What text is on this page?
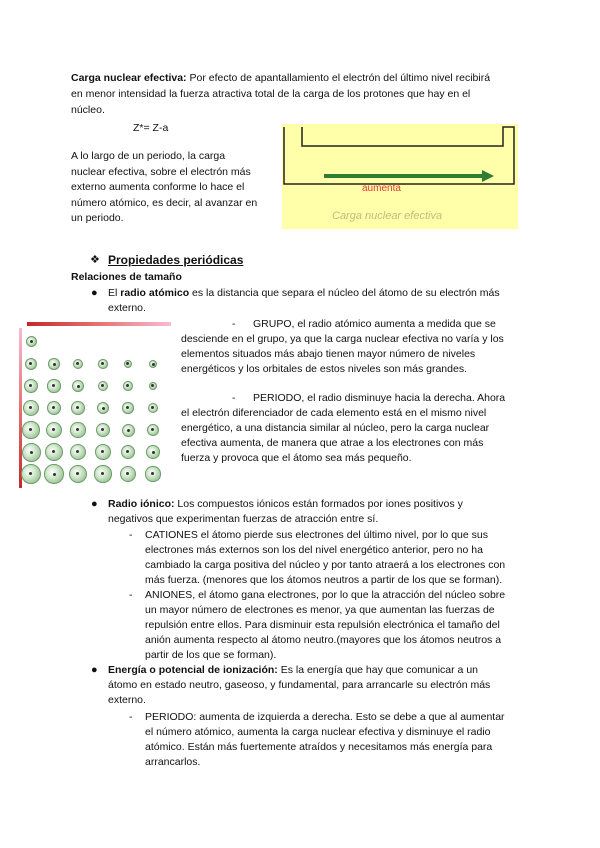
Carga nuclear efectiva: Por efecto de apantallamiento el electrón del último nivel recibirá
en menor intensidad la fuerza atractiva total de la carga de los protones que hay en el
núcleo.
Z*= Z-a
A lo largo de un periodo, la carga
nuclear efectiva, sobre el electrón más
externo aumenta conforme lo hace el
número atómico, es decir, al avanzar en
un periodo.
aumenta
Carga nuclear efectiva
❖ Propiedades periódicas
Relaciones de tamaño
● El radio atómico es la distancia que separa el núcleo del átomo de su electrón más
externo.
- GRUPO, el radio atómico aumenta a medida que se
desciende en el grupo, ya que la carga nuclear efectiva no varía y los
elementos situados más abajo tienen mayor número de niveles
energéticos y los orbitales de estos niveles son más grandes.
- PERIODO, el radio disminuye hacia la derecha. Ahora
el electrón diferenciador de cada elemento está en el mismo nivel
energético, a una distancia similar al núcleo, pero la carga nuclear
efectiva aumenta, de manera que atrae a los electrones con más
fuerza y provoca que el átomo sea más pequeño.
● Radio iónico: Los compuestos iónicos están formados por iones positivos y
negativos que experimentan fuerzas de atracción entre sí.
- CATIONES el átomo pierde sus electrones del último nivel, por lo que sus
electrones más externos son los del nivel energético anterior, pero no ha
cambiado la carga positiva del núcleo y por tanto atraerá a los electrones con
más fuerza. (menores que los átomos neutros a partir de los que se forman).
- ANIONES, el átomo gana electrones, por lo que la atracción del núcleo sobre
un mayor número de electrones es menor, ya que aumentan las fuerzas de
repulsión entre ellos. Para disminuir esta repulsión electrónica el tamaño del
anión aumenta respecto al átomo neutro.(mayores que los átomos neutros a
partir de los que se forman).
● Energía o potencial de ionización: Es la energía que hay que comunicar a un
átomo en estado neutro, gaseoso, y fundamental, para arrancarle su electrón más
externo.
- PERIODO: aumenta de izquierda a derecha. Esto se debe a que al aumentar
el número atómico, aumenta la carga nuclear efectiva y disminuye el radio
atómico. Están más fuertemente atraídos y necesitamos más energía para
arrancarlos.
